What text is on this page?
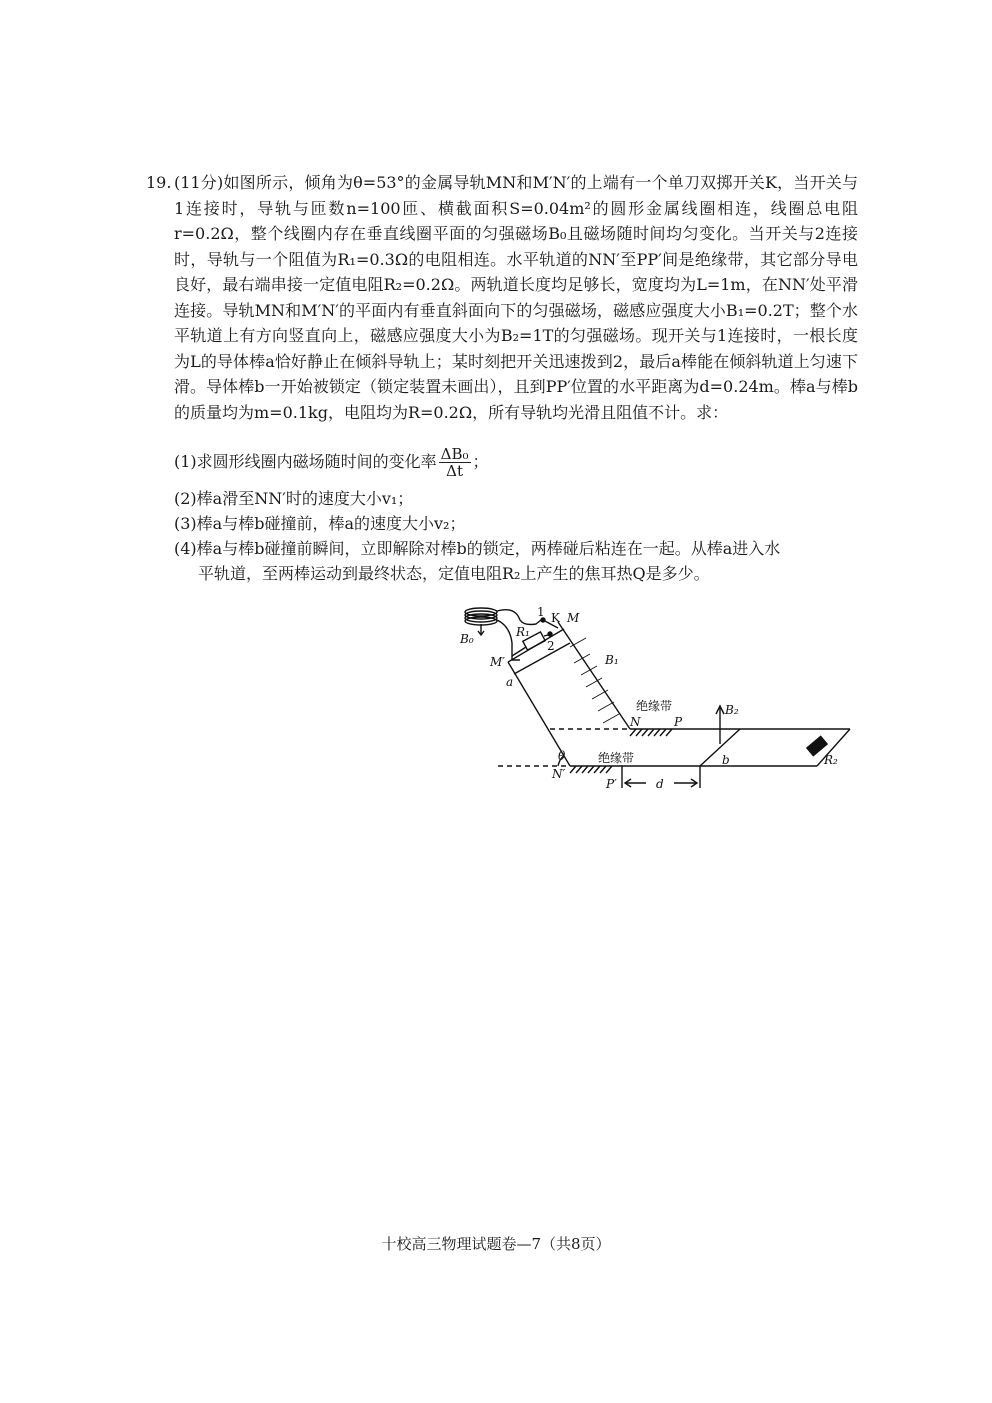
19. (11分)如图所示，倾角为θ=53°的金属导轨MN和M′N′的上端有一个单刀双掷开关K，当开关与1连接时，导轨与匝数n=100匝、横截面积S=0.04m²的圆形金属线圈相连，线圈总电阻r=0.2Ω，整个线圈内存在垂直线圈平面的匀强磁场B₀且磁场随时间均匀变化。当开关与2连接时，导轨与一个阻值为R₁=0.3Ω的电阻相连。水平轨道的NN′至PP′间是绝缘带，其它部分导电良好，最右端串接一定值电阻R₂=0.2Ω。两轨道长度均足够长，宽度均为L=1m，在NN′处平滑连接。导轨MN和M′N′的平面内有垂直斜面向下的匀强磁场，磁感应强度大小B₁=0.2T；整个水平轨道上有方向竖直向上，磁感应强度大小为B₂=1T的匀强磁场。现开关与1连接时，一根长度为L的导体棒a恰好静止在倾斜导轨上；某时刻把开关迅速拨到2，最后a棒能在倾斜轨道上匀速下滑。导体棒b一开始被锁定（锁定装置未画出），且到PP′位置的水平距离为d=0.24m。棒a与棒b的质量均为m=0.1kg，电阻均为R=0.2Ω，所有导轨均光滑且阻值不计。求：
(1)求圆形线圈内磁场随时间的变化率 $\frac{\text{ΔB₀}}{\Delta t}$ ；
(2)棒a滑至NN′时的速度大小v₁；
(3)棒a与棒b碰撞前，棒a的速度大小v₂；
(4)棒a与棒b碰撞前瞬间，立即解除对棒b的锁定，两棒碰后粘连在一起。从棒a进入水
平轨道，至两棒运动到最终状态，定值电阻R₂上产生的焦耳热Q是多少。
B₀
1 K M
2
R₁
M′	B₁
a
绝缘带
N	P
B₂
θ	绝缘带
N′
P′	d
b	R₂
十校高三物理试题卷—7（共8页）
